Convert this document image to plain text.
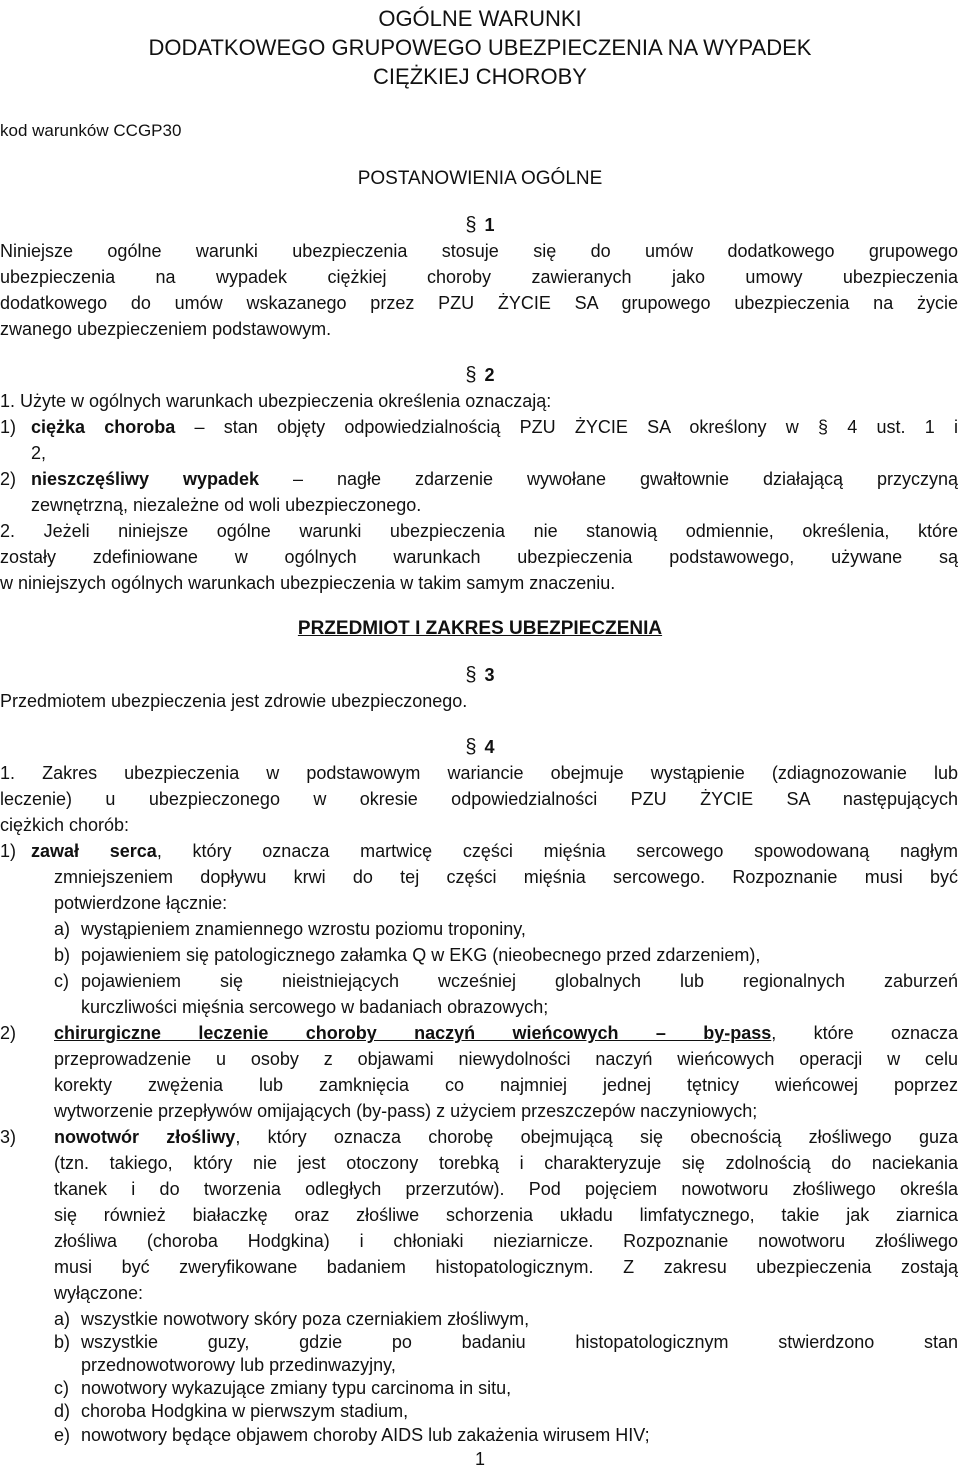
OGÓLNE WARUNKI
DODATKOWEGO GRUPOWEGO UBEZPIECZENIA NA WYPADEK
CIĘŻKIEJ CHOROBY
kod warunków CCGP30
POSTANOWIENIA OGÓLNE
§ 1
Niniejsze ogólne warunki ubezpieczenia stosuje się do umów dodatkowego grupowego
ubezpieczenia na wypadek ciężkiej choroby zawieranych jako umowy ubezpieczenia
dodatkowego do umów wskazanego przez PZU ŻYCIE SA grupowego ubezpieczenia na życie
zwanego ubezpieczeniem podstawowym.
§ 2
1. Użyte w ogólnych warunkach ubezpieczenia określenia oznaczają:
1) ciężka choroba – stan objęty odpowiedzialnością PZU ŻYCIE SA określony w § 4 ust. 1 i
2,
2) nieszczęśliwy wypadek – nagłe zdarzenie wywołane gwałtownie działającą przyczyną
zewnętrzną, niezależne od woli ubezpieczonego.
2. Jeżeli niniejsze ogólne warunki ubezpieczenia nie stanowią odmiennie, określenia, które
zostały zdefiniowane w ogólnych warunkach ubezpieczenia podstawowego, używane są
w niniejszych ogólnych warunkach ubezpieczenia w takim samym znaczeniu.
PRZEDMIOT I ZAKRES UBEZPIECZENIA
§ 3
Przedmiotem ubezpieczenia jest zdrowie ubezpieczonego.
§ 4
1. Zakres ubezpieczenia w podstawowym wariancie obejmuje wystąpienie (zdiagnozowanie lub
leczenie) u ubezpieczonego w okresie odpowiedzialności PZU ŻYCIE SA następujących
ciężkich chorób:
1) zawał serca, który oznacza martwicę części mięśnia sercowego spowodowaną nagłym
zmniejszeniem dopływu krwi do tej części mięśnia sercowego. Rozpoznanie musi być
potwierdzone łącznie:
a) wystąpieniem znamiennego wzrostu poziomu troponiny,
b) pojawieniem się patologicznego załamka Q w EKG (nieobecnego przed zdarzeniem),
c) pojawieniem się nieistniejących wcześniej globalnych lub regionalnych zaburzeń
kurczliwości mięśnia sercowego w badaniach obrazowych;
2) chirurgiczne leczenie choroby naczyń wieńcowych – by-pass, które oznacza
przeprowadzenie u osoby z objawami niewydolności naczyń wieńcowych operacji w celu
korekty zwężenia lub zamknięcia co najmniej jednej tętnicy wieńcowej poprzez
wytworzenie przepływów omijających (by-pass) z użyciem przeszczepów naczyniowych;
3) nowotwór złośliwy, który oznacza chorobę obejmującą się obecnością złośliwego guza
(tzn. takiego, który nie jest otoczony torebką i charakteryzuje się zdolnością do naciekania
tkanek i do tworzenia odległych przerzutów). Pod pojęciem nowotworu złośliwego określa
się również białaczkę oraz złośliwe schorzenia układu limfatycznego, takie jak ziarnica
złośliwa (choroba Hodgkina) i chłoniaki nieziarnicze. Rozpoznanie nowotworu złośliwego
musi być zweryfikowane badaniem histopatologicznym. Z zakresu ubezpieczenia zostają
wyłączone:
a) wszystkie nowotwory skóry poza czerniakiem złośliwym,
b) wszystkie guzy, gdzie po badaniu histopatologicznym stwierdzono stan
przednowotworowy lub przedinwazyjny,
c) nowotwory wykazujące zmiany typu carcinoma in situ,
d) choroba Hodgkina w pierwszym stadium,
1
e) nowotwory będące objawem choroby AIDS lub zakażenia wirusem HIV;
